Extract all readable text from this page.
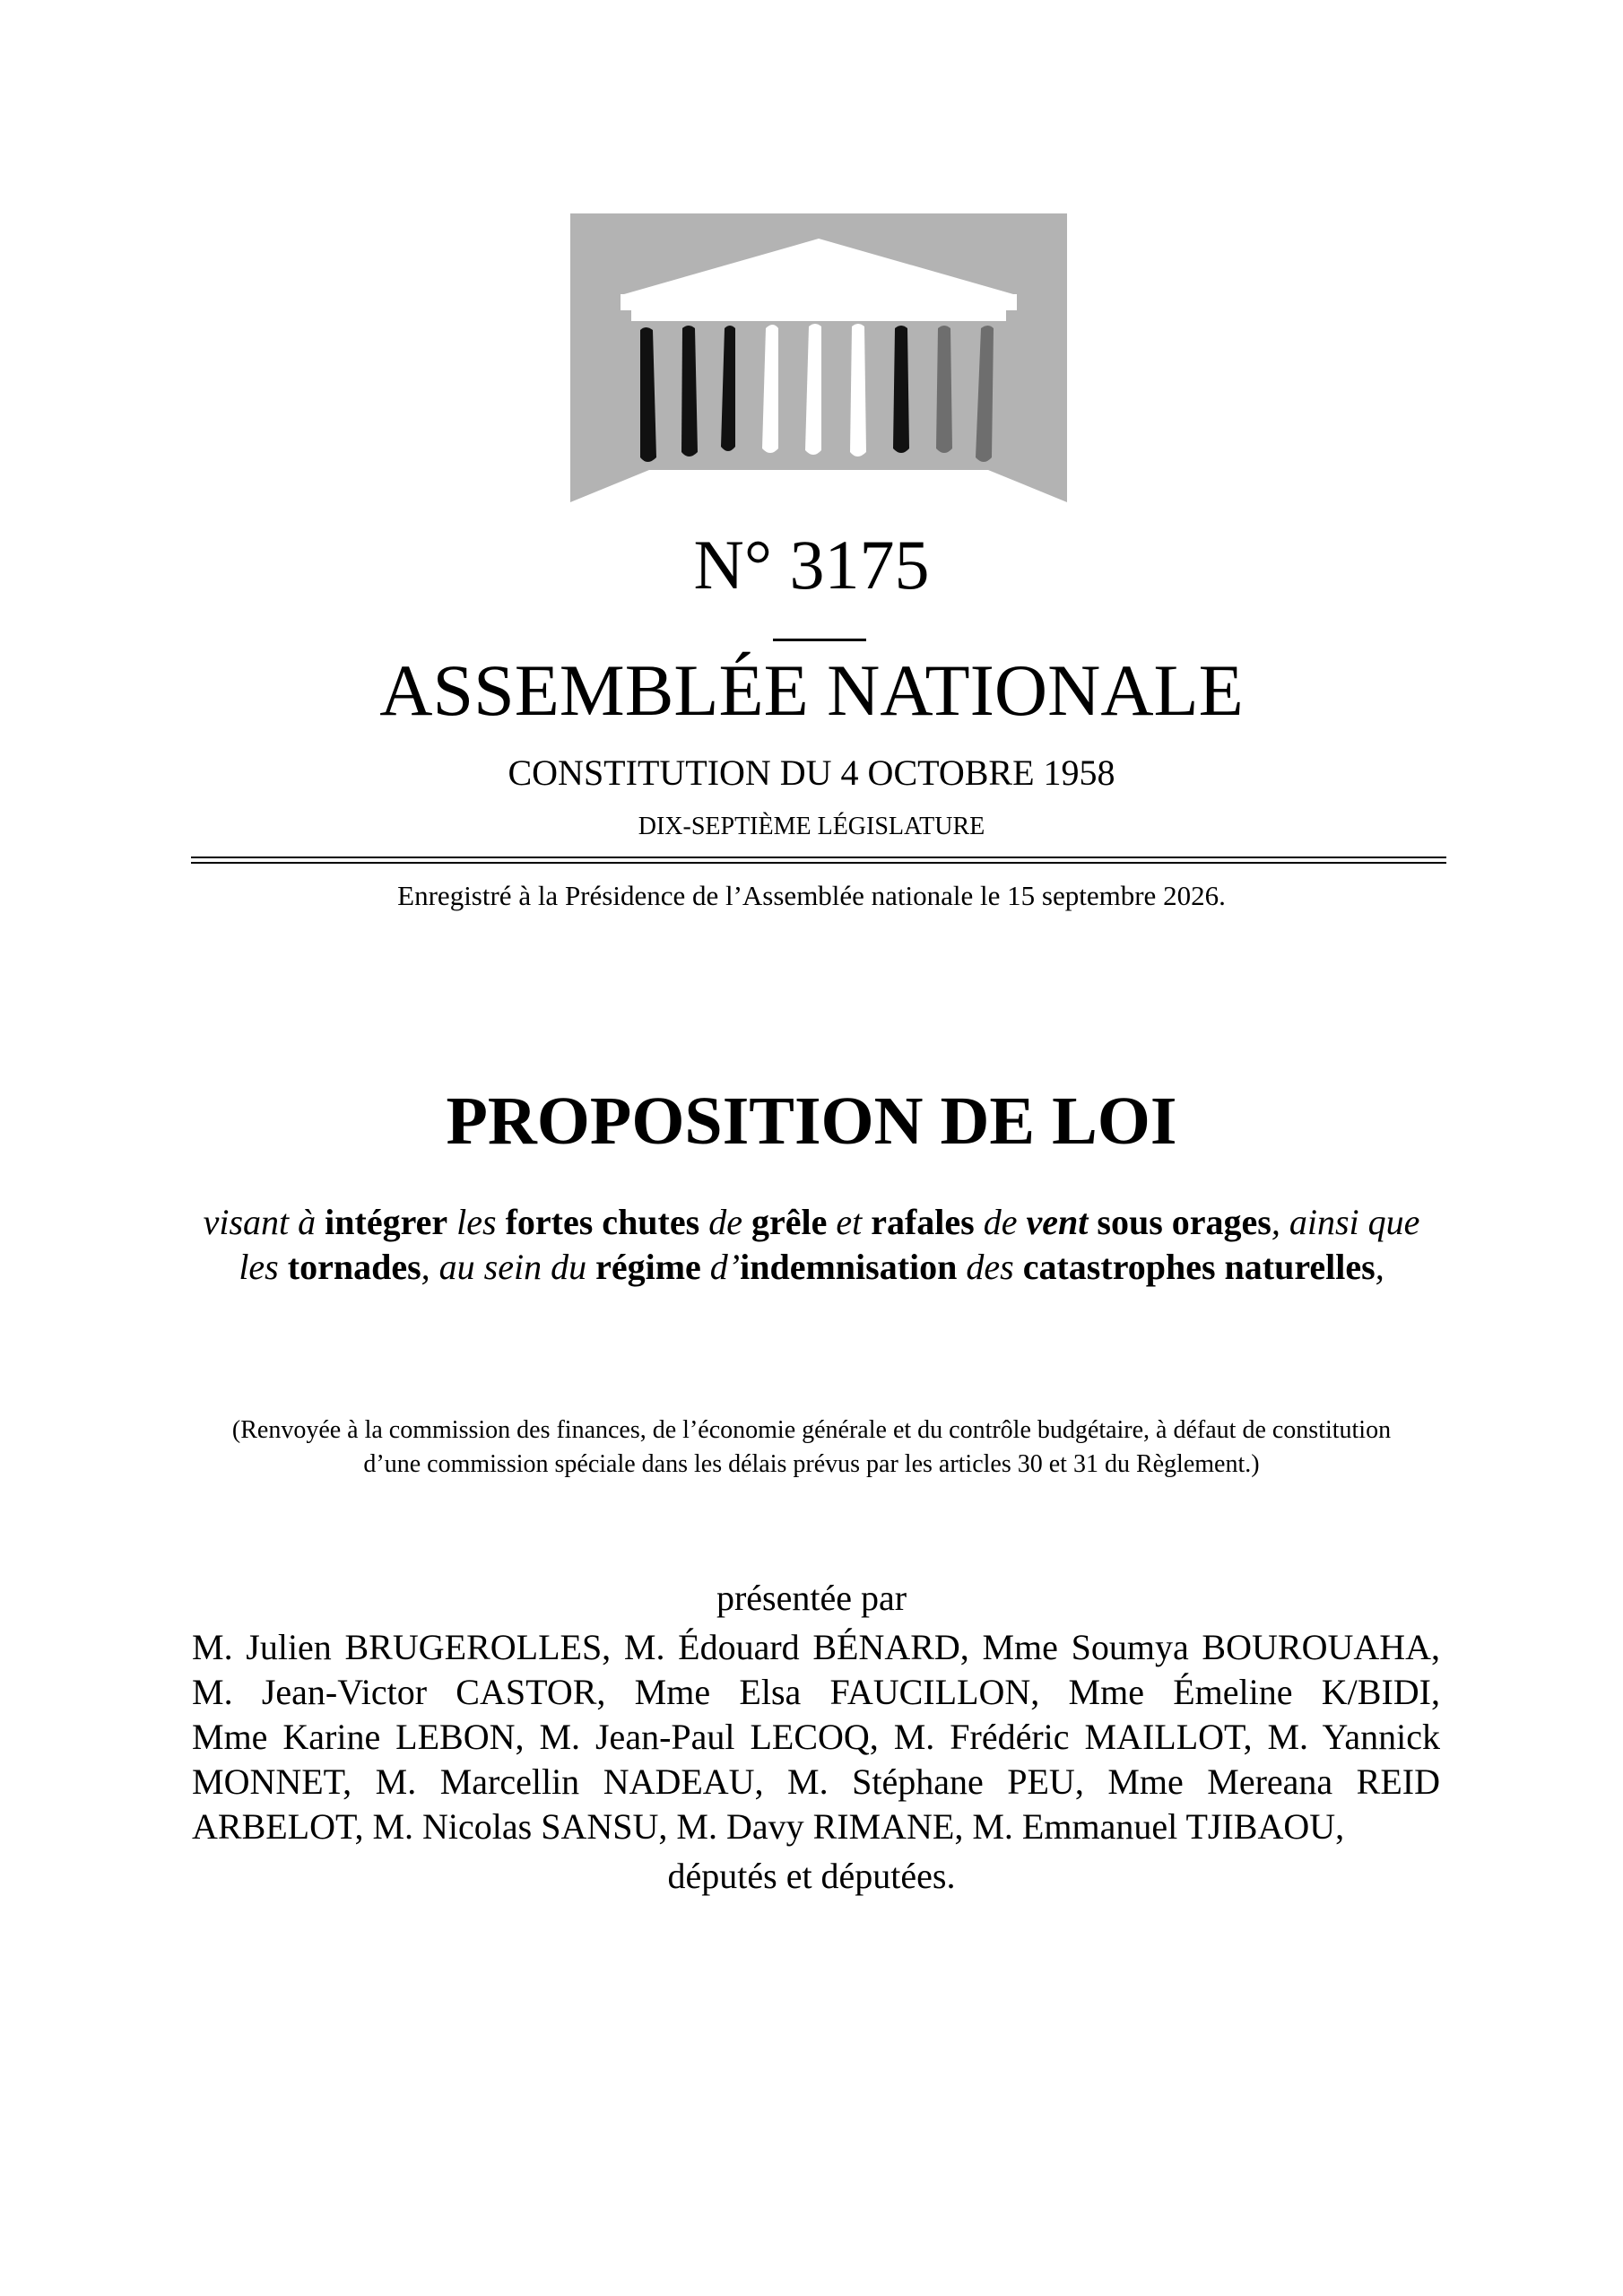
N° 3175
ASSEMBLÉE NATIONALE
CONSTITUTION DU 4 OCTOBRE 1958
DIX-SEPTIÈME LÉGISLATURE
Enregistré à la Présidence de l’Assemblée nationale le 15 septembre 2026.
PROPOSITION DE LOI
visant à intégrer les fortes chutes de grêle et rafales de vent sous orages, ainsi que les tornades, au sein du régime d’indemnisation des catastrophes naturelles,
(Renvoyée à la commission des finances, de l’économie générale et du contrôle budgétaire, à défaut de constitution
d’une commission spéciale dans les délais prévus par les articles 30 et 31 du Règlement.)
présentée par
M. Julien BRUGEROLLES, M. Édouard BÉNARD, Mme Soumya BOUROUAHA,
M. Jean-Victor CASTOR, Mme Elsa FAUCILLON, Mme Émeline K/BIDI,
Mme Karine LEBON, M. Jean-Paul LECOQ, M. Frédéric MAILLOT, M. Yannick
MONNET, M. Marcellin NADEAU, M. Stéphane PEU, Mme Mereana REID
ARBELOT, M. Nicolas SANSU, M. Davy RIMANE, M. Emmanuel TJIBAOU,
députés et députées.
